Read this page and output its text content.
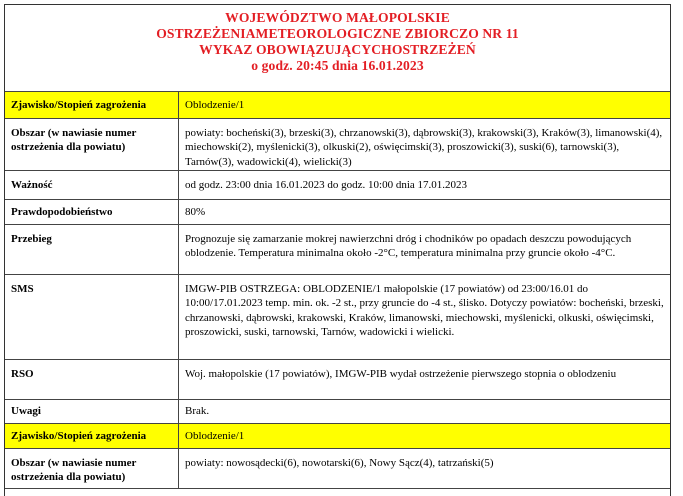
WOJEWÓDZTWO MAŁOPOLSKIE
OSTRZEŻENIAMETEOROLOGICZNE ZBIORCZO NR 11
WYKAZ OBOWIĄZUJĄCYCHOSTRZEŻEŃ
o godz. 20:45 dnia 16.01.2023
Zjawisko/Stopień zagrożenia	Oblodzenie/1
Obszar (w nawiasie numer ostrzeżenia dla powiatu)	powiaty: bocheński(3), brzeski(3), chrzanowski(3), dąbrowski(3), krakowski(3), Kraków(3), limanowski(4), miechowski(2), myślenicki(3), olkuski(2), oświęcimski(3), proszowicki(3), suski(6), tarnowski(3), Tarnów(3), wadowicki(4), wielicki(3)
Ważność	od godz. 23:00 dnia 16.01.2023 do godz. 10:00 dnia 17.01.2023
Prawdopodobieństwo	80%
Przebieg	Prognozuje się zamarzanie mokrej nawierzchni dróg i chodników po opadach deszczu powodujących oblodzenie. Temperatura minimalna około -2°C, temperatura minimalna przy gruncie około -4°C.
SMS	IMGW-PIB OSTRZEGA: OBLODZENIE/1 małopolskie (17 powiatów) od 23:00/16.01 do 10:00/17.01.2023 temp. min. ok. -2 st., przy gruncie do -4 st., ślisko. Dotyczy powiatów: bocheński, brzeski, chrzanowski, dąbrowski, krakowski, Kraków, limanowski, miechowski, myślenicki, olkuski, oświęcimski, proszowicki, suski, tarnowski, Tarnów, wadowicki i wielicki.
RSO	Woj. małopolskie (17 powiatów), IMGW-PIB wydał ostrzeżenie pierwszego stopnia o oblodzeniu
Uwagi	Brak.
Zjawisko/Stopień zagrożenia	Oblodzenie/1
Obszar (w nawiasie numer ostrzeżenia dla powiatu)	powiaty: nowosądecki(6), nowotarski(6), Nowy Sącz(4), tatrzański(5)
